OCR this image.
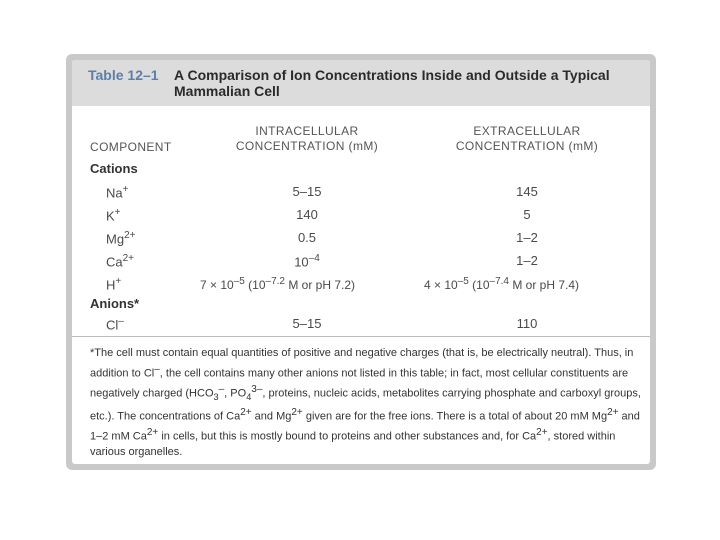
Table 12–1 A Comparison of Ion Concentrations Inside and Outside a Typical Mammalian Cell
COMPONENT
INTRACELLULAR CONCENTRATION (mM)
EXTRACELLULAR CONCENTRATION (mM)
Cations
Na+	5–15	145
K+	140	5
$Mg^{2+}$	0.5	1–2
$Ca^{2+}$	$10^{-4}$	1–2
H+	$7 \times 10^{-5}$ ($10^{-7.2}$ M or pH 7.2)	$4 \times 10^{-5}$ ($10^{-7.4}$ M or pH 7.4)
Anions*
Cl–	5–15	110
*The cell must contain equal quantities of positive and negative charges (that is, be electrically neutral). Thus, in addition to Cl–, the cell contains many other anions not listed in this table; in fact, most cellular constituents are negatively charged ($HCO_3^-$, $PO_4^{3-}$, proteins, nucleic acids, metabolites carrying phosphate and carboxyl groups, etc.). The concentrations of $Ca^{2+}$ and $Mg^{2+}$ given are for the free ions. There is a total of about 20 mM $Mg^{2+}$ and 1–2 mM $Ca^{2+}$ in cells, but this is mostly bound to proteins and other substances and, for $Ca^{2+}$, stored within various organelles.
